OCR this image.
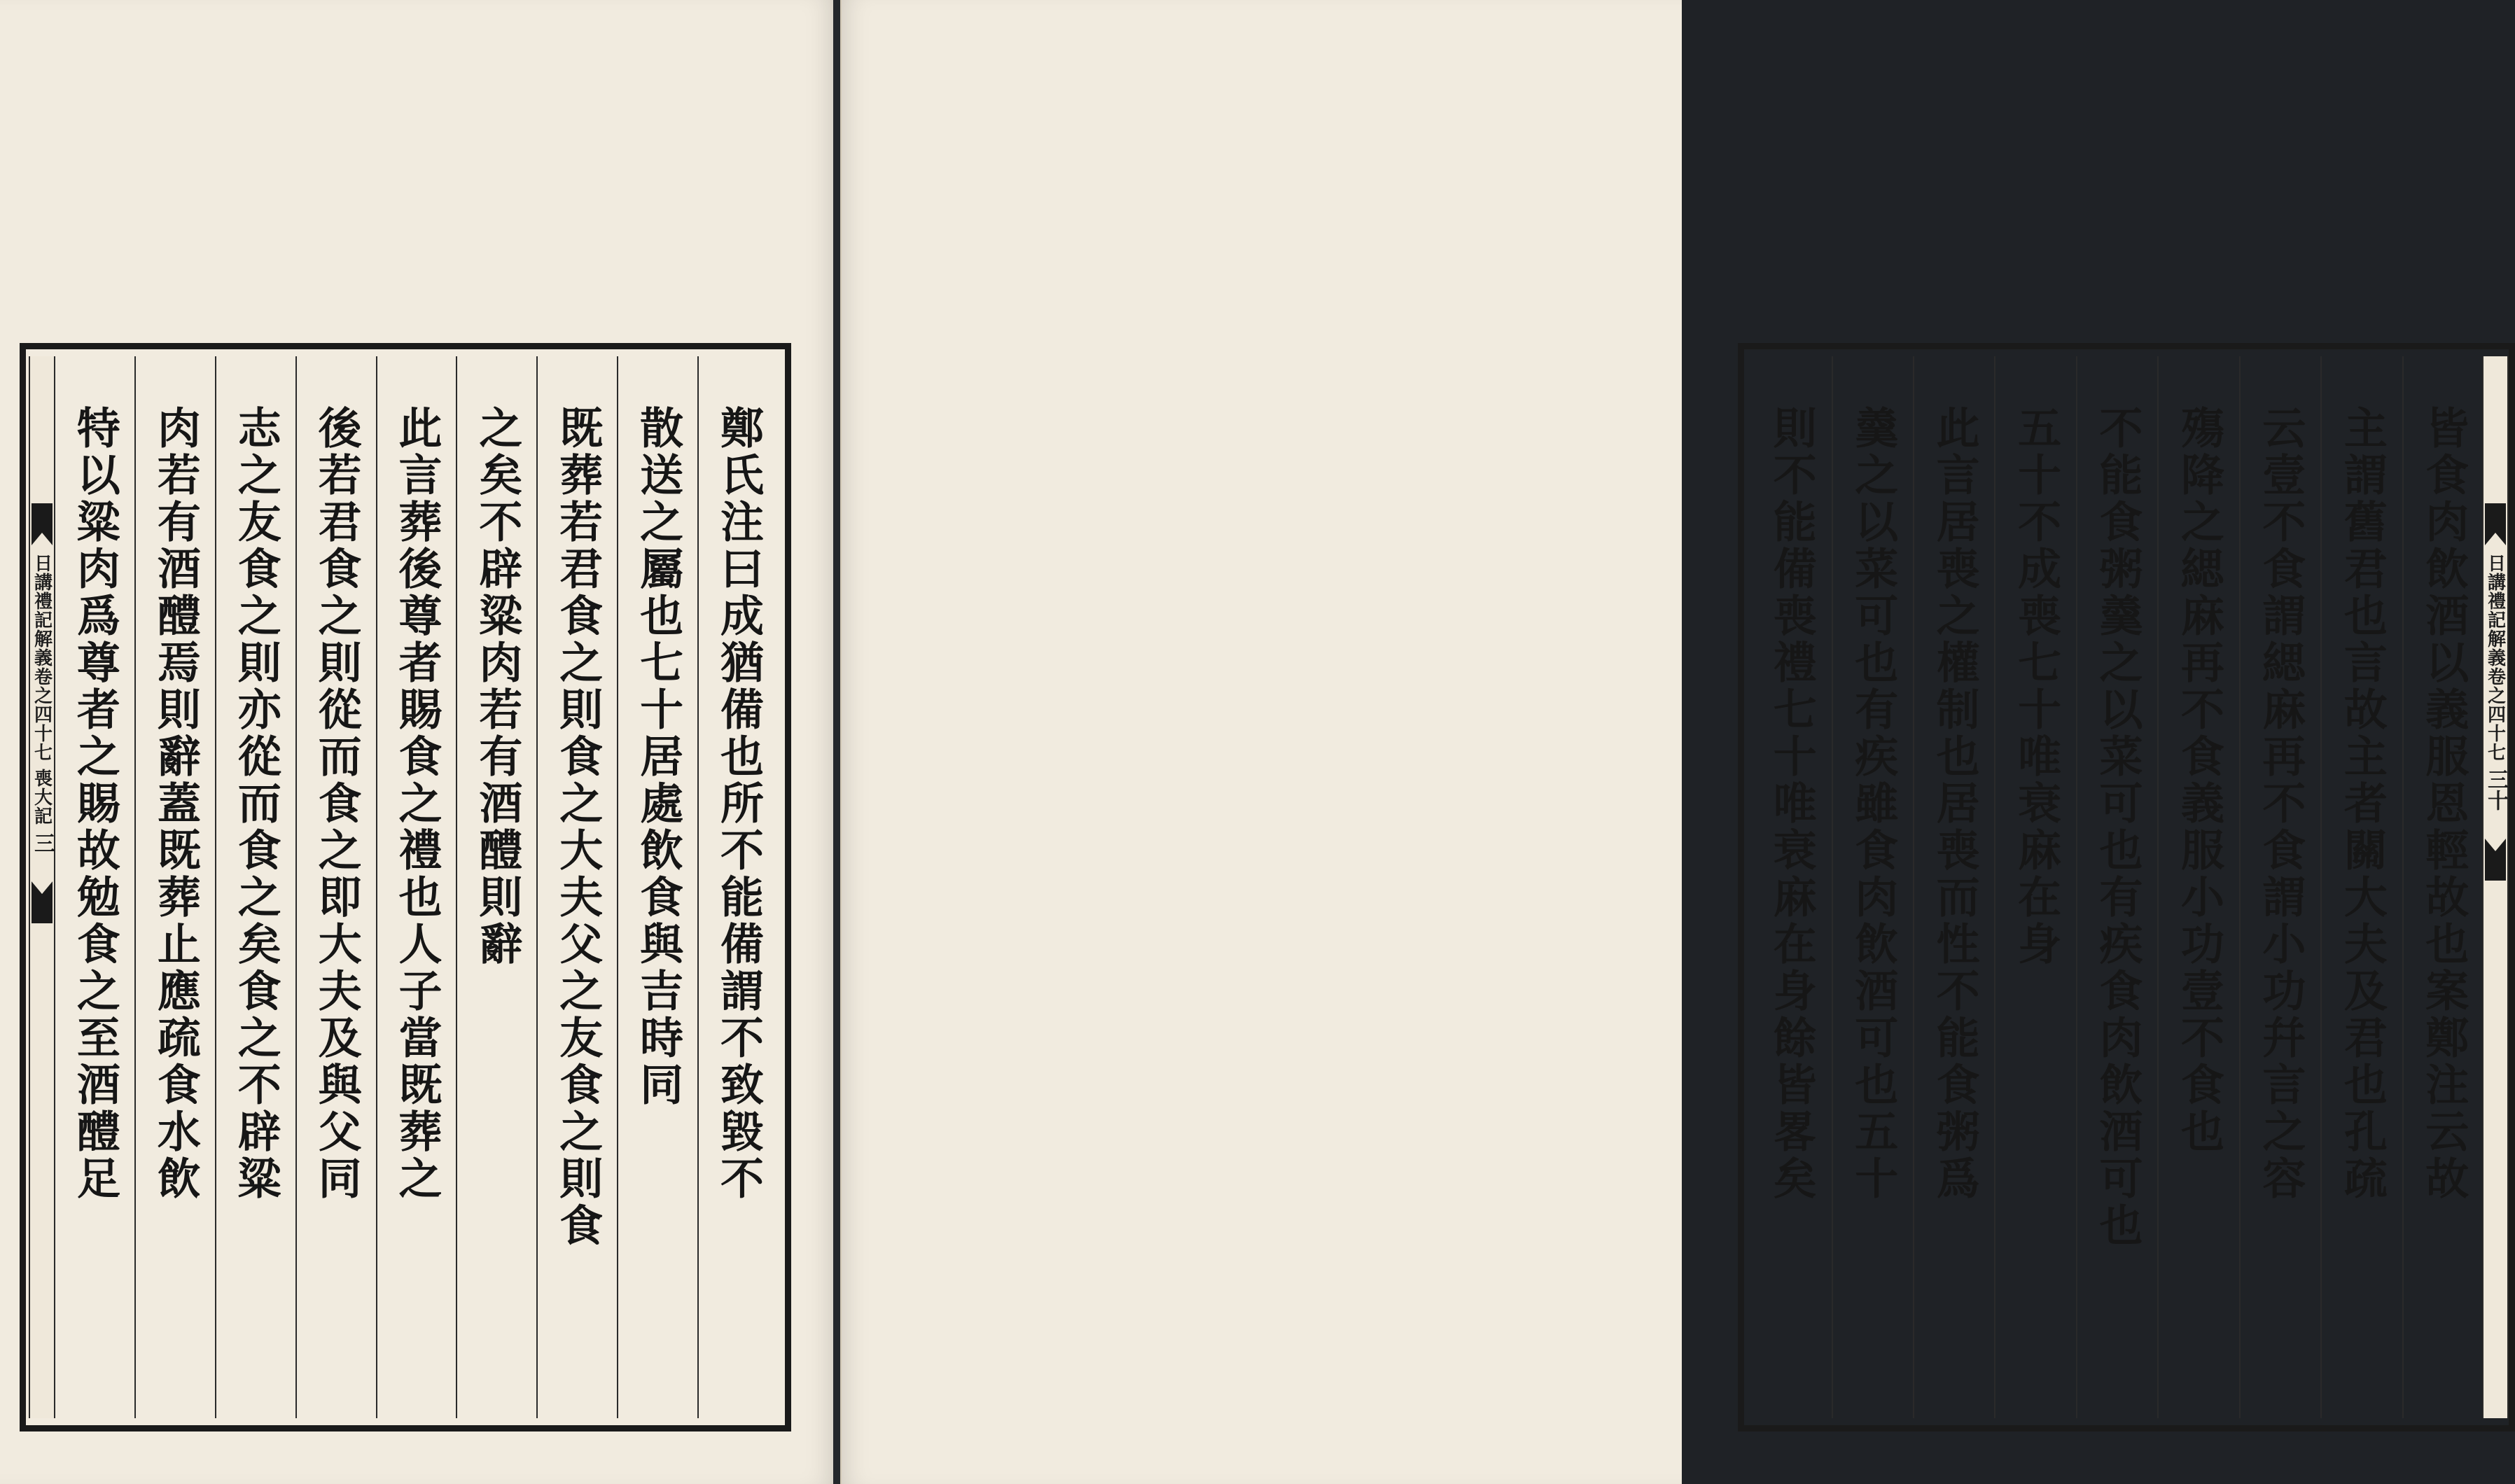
日講禮記解義卷之四十七 喪大記
三	鄭氏注曰成猶備也所不能備謂不致毀不
散送之屬也七十居處飲食與吉時同
既葬若君食之則食之大夫父之友食之則食
之矣不辟粱肉若有酒醴則辭
此言葬後尊者賜食之禮也人子當既葬之
後若君食之則從而食之即大夫及與父同
志之友食之則亦從而食之矣食之不辟粱
肉若有酒醴焉則辭蓋既葬止應疏食水飲
特以粱肉爲尊者之賜故勉食之至酒醴足	皆食肉飲酒以義服恩輕故也案鄭注云故
主謂舊君也言故主者關大夫及君也孔疏
云壹不食謂緦麻再不食謂小功幷言之容
殤降之緦麻再不食義服小功壹不食也
不能食粥羹之以菜可也有疾食肉飲酒可也
五十不成喪七十唯衰麻在身
此言居喪之權制也居喪而性不能食粥爲
羹之以菜可也有疾雖食肉飲酒可也五十
則不能備喪禮七十唯衰麻在身餘皆畧矣	日講禮記解義卷之四十七
三十
